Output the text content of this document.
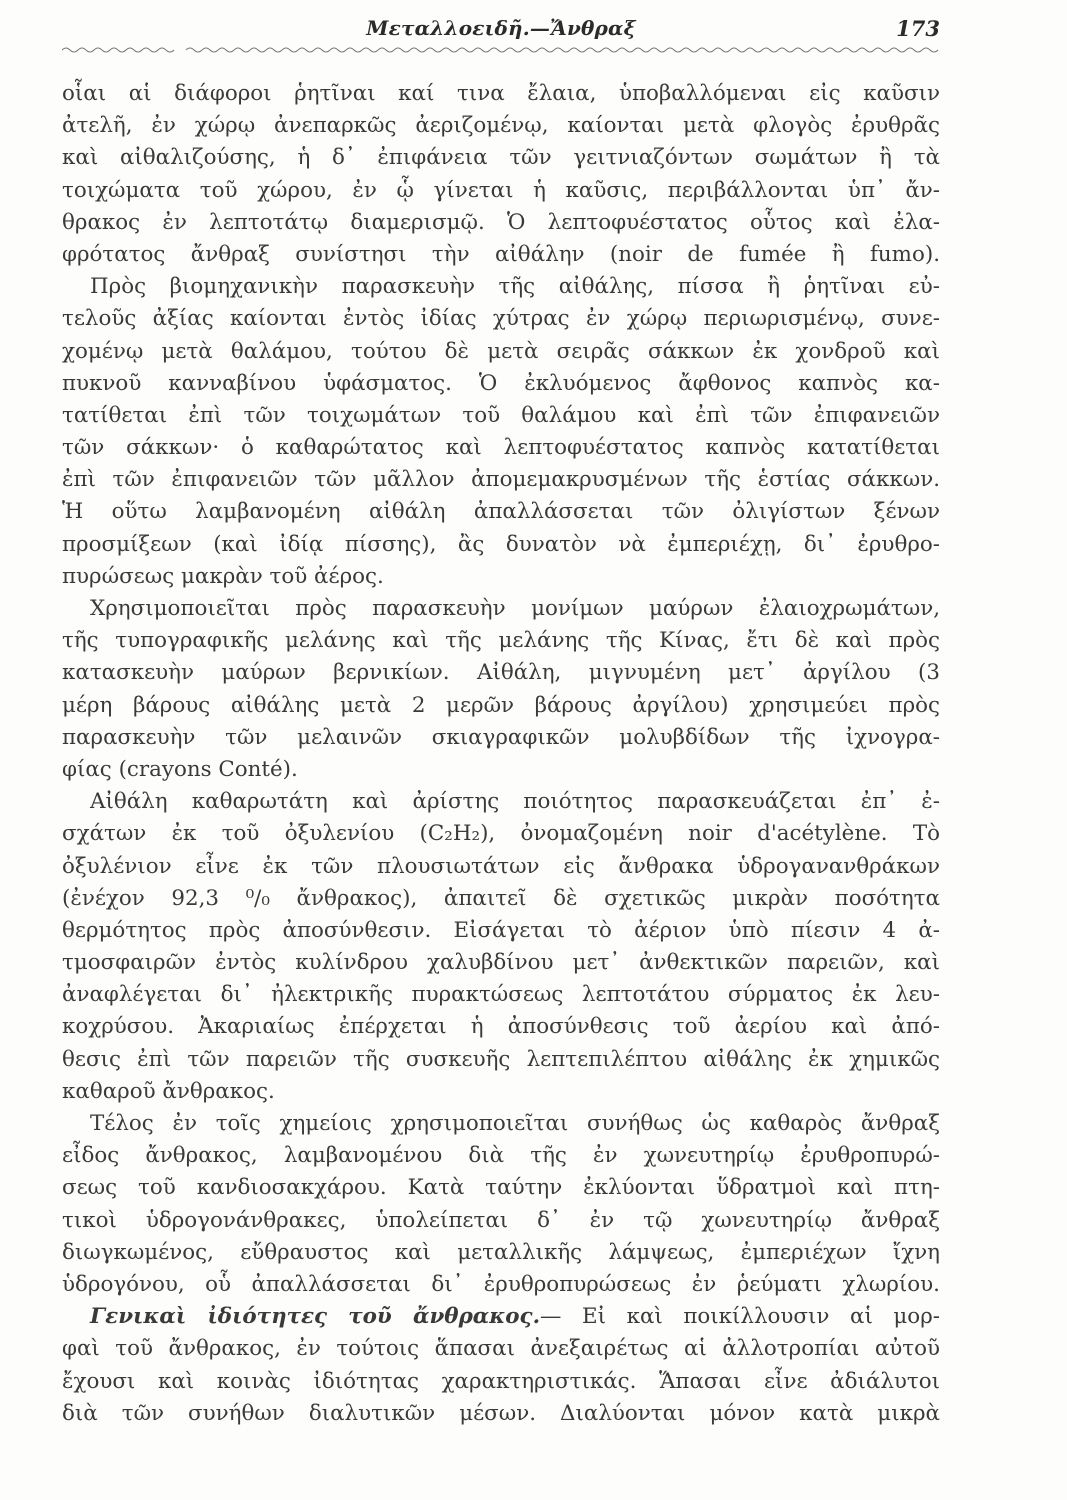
Μεταλλοειδῆ.—Ἄνθραξ	173

οἷαι αἱ διάφοροι ῥητῖναι καί τινα ἔλαια, ὑποβαλλόμεναι εἰς καῦσιν
ἀτελῆ, ἐν χώρῳ ἀνεπαρκῶς ἀεριζομένῳ, καίονται μετὰ φλογὸς ἐρυθρᾶς
καὶ αἰθαλιζούσης, ἡ δ᾽ ἐπιφάνεια τῶν γειτνιαζόντων σωμάτων ἢ τὰ
τοιχώματα τοῦ χώρου, ἐν ᾧ γίνεται ἡ καῦσις, περιβάλλονται ὑπ᾽ ἄν-
θρακος ἐν λεπτοτάτῳ διαμερισμῷ. Ὁ λεπτοφυέστατος οὗτος καὶ ἐλα-
φρότατος ἄνθραξ συνίστησι τὴν αἰθάλην (noir de fumée ἢ fumo).

Πρὸς βιομηχανικὴν παρασκευὴν τῆς αἰθάλης, πίσσα ἢ ῥητῖναι εὐ-
τελοῦς ἀξίας καίονται ἐντὸς ἰδίας χύτρας ἐν χώρῳ περιωρισμένῳ, συνε-
χομένῳ μετὰ θαλάμου, τούτου δὲ μετὰ σειρᾶς σάκκων ἐκ χονδροῦ καὶ
πυκνοῦ κανναβίνου ὑφάσματος. Ὁ ἐκλυόμενος ἄφθονος καπνὸς κα-
τατίθεται ἐπὶ τῶν τοιχωμάτων τοῦ θαλάμου καὶ ἐπὶ τῶν ἐπιφανειῶν
τῶν σάκκων· ὁ καθαρώτατος καὶ λεπτοφυέστατος καπνὸς κατατίθεται
ἐπὶ τῶν ἐπιφανειῶν τῶν μᾶλλον ἀπομεμακρυσμένων τῆς ἑστίας σάκκων.
Ἡ οὕτω λαμβανομένη αἰθάλη ἀπαλλάσσεται τῶν ὀλιγίστων ξένων
προσμίξεων (καὶ ἰδίᾳ πίσσης), ἂς δυνατὸν νὰ ἐμπεριέχῃ, δι᾽ ἐρυθρο-
πυρώσεως μακρὰν τοῦ ἀέρος.

Χρησιμοποιεῖται πρὸς παρασκευὴν μονίμων μαύρων ἐλαιοχρωμάτων,
τῆς τυπογραφικῆς μελάνης καὶ τῆς μελάνης τῆς Κίνας, ἔτι δὲ καὶ πρὸς
κατασκευὴν μαύρων βερνικίων. Αἰθάλη, μιγνυμένη μετ᾽ ἀργίλου (3
μέρη βάρους αἰθάλης μετὰ 2 μερῶν βάρους ἀργίλου) χρησιμεύει πρὸς
παρασκευὴν τῶν μελαινῶν σκιαγραφικῶν μολυβδίδων τῆς ἰχνογρα-
φίας (crayons Conté).

Αἰθάλη καθαρωτάτη καὶ ἀρίστης ποιότητος παρασκευάζεται ἐπ᾽ ἐ-
σχάτων ἐκ τοῦ ὀξυλενίου (C₂H₂), ὀνομαζομένη noir d'acétylène. Τὸ
ὀξυλένιον εἶνε ἐκ τῶν πλουσιωτάτων εἰς ἄνθρακα ὑδρογανανθράκων
(ἐνέχον 92,3 ⁰/₀ ἄνθρακος), ἀπαιτεῖ δὲ σχετικῶς μικρὰν ποσότητα
θερμότητος πρὸς ἀποσύνθεσιν. Εἰσάγεται τὸ ἀέριον ὑπὸ πίεσιν 4 ἀ-
τμοσφαιρῶν ἐντὸς κυλίνδρου χαλυβδίνου μετ᾽ ἀνθεκτικῶν παρειῶν, καὶ
ἀναφλέγεται δι᾽ ἠλεκτρικῆς πυρακτώσεως λεπτοτάτου σύρματος ἐκ λευ-
κοχρύσου. Ἀκαριαίως ἐπέρχεται ἡ ἀποσύνθεσις τοῦ ἀερίου καὶ ἀπό-
θεσις ἐπὶ τῶν παρειῶν τῆς συσκευῆς λεπτεπιλέπτου αἰθάλης ἐκ χημικῶς
καθαροῦ ἄνθρακος.

Τέλος ἐν τοῖς χημείοις χρησιμοποιεῖται συνήθως ὡς καθαρὸς ἄνθραξ
εἶδος ἄνθρακος, λαμβανομένου διὰ τῆς ἐν χωνευτηρίῳ ἐρυθροπυρώ-
σεως τοῦ κανδιοσακχάρου. Κατὰ ταύτην ἐκλύονται ὕδρατμοὶ καὶ πτη-
τικοὶ ὑδρογονάνθρακες, ὑπολείπεται δ᾽ ἐν τῷ χωνευτηρίῳ ἄνθραξ
διωγκωμένος, εὔθραυστος καὶ μεταλλικῆς λάμψεως, ἐμπεριέχων ἴχνη
ὑδρογόνου, οὗ ἀπαλλάσσεται δι᾽ ἐρυθροπυρώσεως ἐν ῥεύματι χλωρίου.

Γενικαὶ ἰδιότητες τοῦ ἄνθρακος.— Εἰ καὶ ποικίλλουσιν αἱ μορ-
φαὶ τοῦ ἄνθρακος, ἐν τούτοις ἅπασαι ἀνεξαιρέτως αἱ ἀλλοτροπίαι αὐτοῦ
ἔχουσι καὶ κοινὰς ἰδιότητας χαρακτηριστικάς. Ἅπασαι εἶνε ἀδιάλυτοι
διὰ τῶν συνήθων διαλυτικῶν μέσων. Διαλύονται μόνον κατὰ μικρὰ
